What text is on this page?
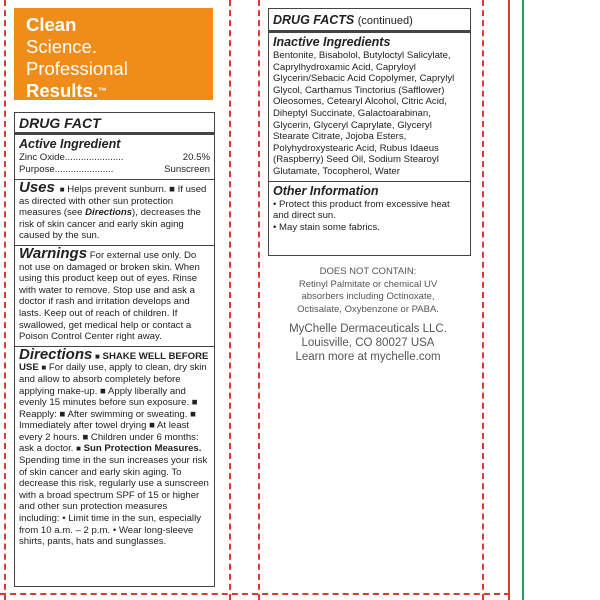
Clean
Science.
Professional
Results.™
DRUG FACT
Active Ingredient
Zinc Oxide ......................	20.5%
Purpose ......................	Sunscreen
Uses  ■ Helps prevent sunburn. ■ If used as directed with other sun protection measures (see Directions), decreases the risk of skin cancer and early skin aging caused by the sun.
Warnings For external use only. Do not use on damaged or broken skin. When using this product keep out of eyes. Rinse with water to remove. Stop use and ask a doctor if rash and irritation develops and lasts. Keep out of reach of children. If swallowed, get medical help or contact a Poison Control Center right away.
Directions ■ SHAKE WELL BEFORE USE ■ For daily use, apply to clean, dry skin and allow to absorb completely before applying make-up. ■ Apply liberally and evenly 15 minutes before sun exposure. ■ Reapply: ■ After swimming or sweating. ■ Immediately after towel drying ■ At least every 2 hours. ■ Children under 6 months: ask a doctor. ■ Sun Protection Measures. Spending time in the sun increases your risk of skin cancer and early skin aging. To decrease this risk, regularly use a sunscreen with a broad spectrum SPF of 15 or higher and other sun protection measures including: • Limit time in the sun, especially from 10 a.m. – 2 p.m. • Wear long-sleeve shirts, pants, hats and sunglasses.
DRUG FACTS (continued)
Inactive Ingredients
Bentonite, Bisabolol, Butyloctyl Salicylate, Caprylhydroxamic Acid, Capryloyl Glycerin/Sebacic Acid Copolymer, Caprylyl Glycol, Carthamus Tinctorius (Safflower) Oleosomes, Cetearyl Alcohol, Citric Acid, Diheptyl Succinate, Galactoarabinan, Glycerin, Glyceryl Caprylate, Glyceryl Stearate Citrate, Jojoba Esters, Polyhydroxystearic Acid, Rubus Idaeus (Raspberry) Seed Oil, Sodium Stearoyl Glutamate, Tocopherol, Water
Other Information
• Protect this product from excessive heat and direct sun.
• May stain some fabrics.
DOES NOT CONTAIN:
Retinyl Palmitate or chemical UV
absorbers including Octinoxate,
Octisalate, Oxybenzone or PABA.
MyChelle Dermaceuticals LLC.
Louisville, CO 80027 USA
Learn more at mychelle.com
